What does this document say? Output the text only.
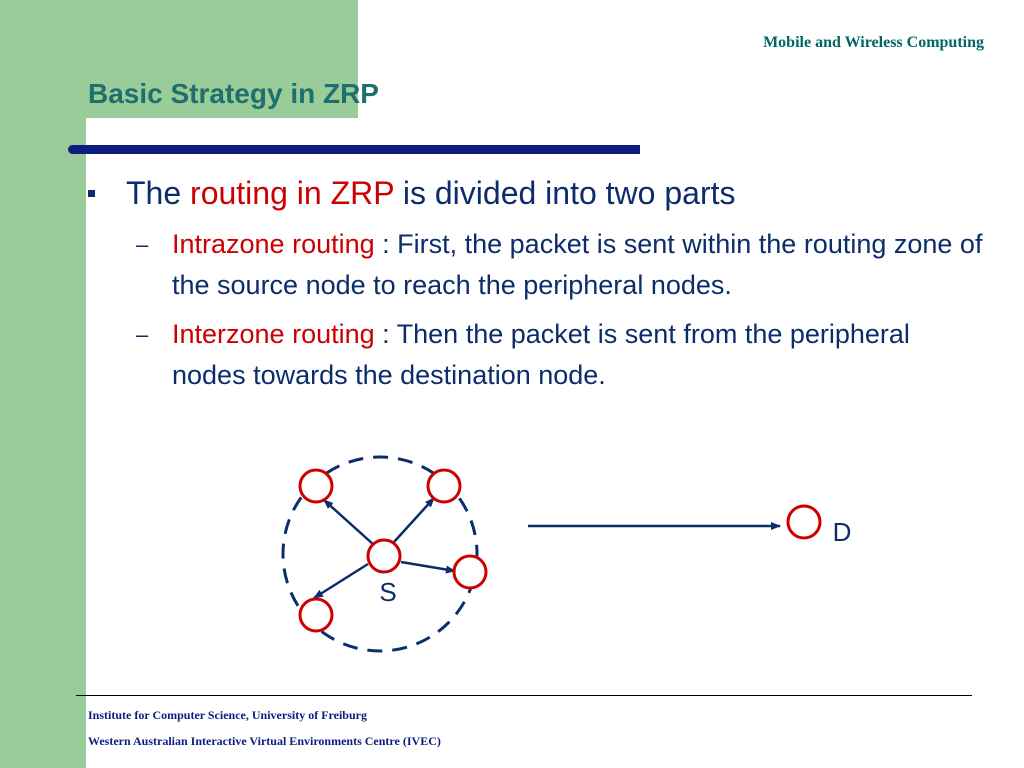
Mobile and Wireless Computing
Basic Strategy in ZRP
The routing in ZRP is divided into two parts
– Intrazone routing : First, the packet is sent within the routing zone of the source node to reach the peripheral nodes.
– Interzone routing : Then the packet is sent from the peripheral nodes towards the destination node.
S
D
Institute for Computer Science, University of Freiburg
Western Australian Interactive Virtual Environments Centre (IVEC)
